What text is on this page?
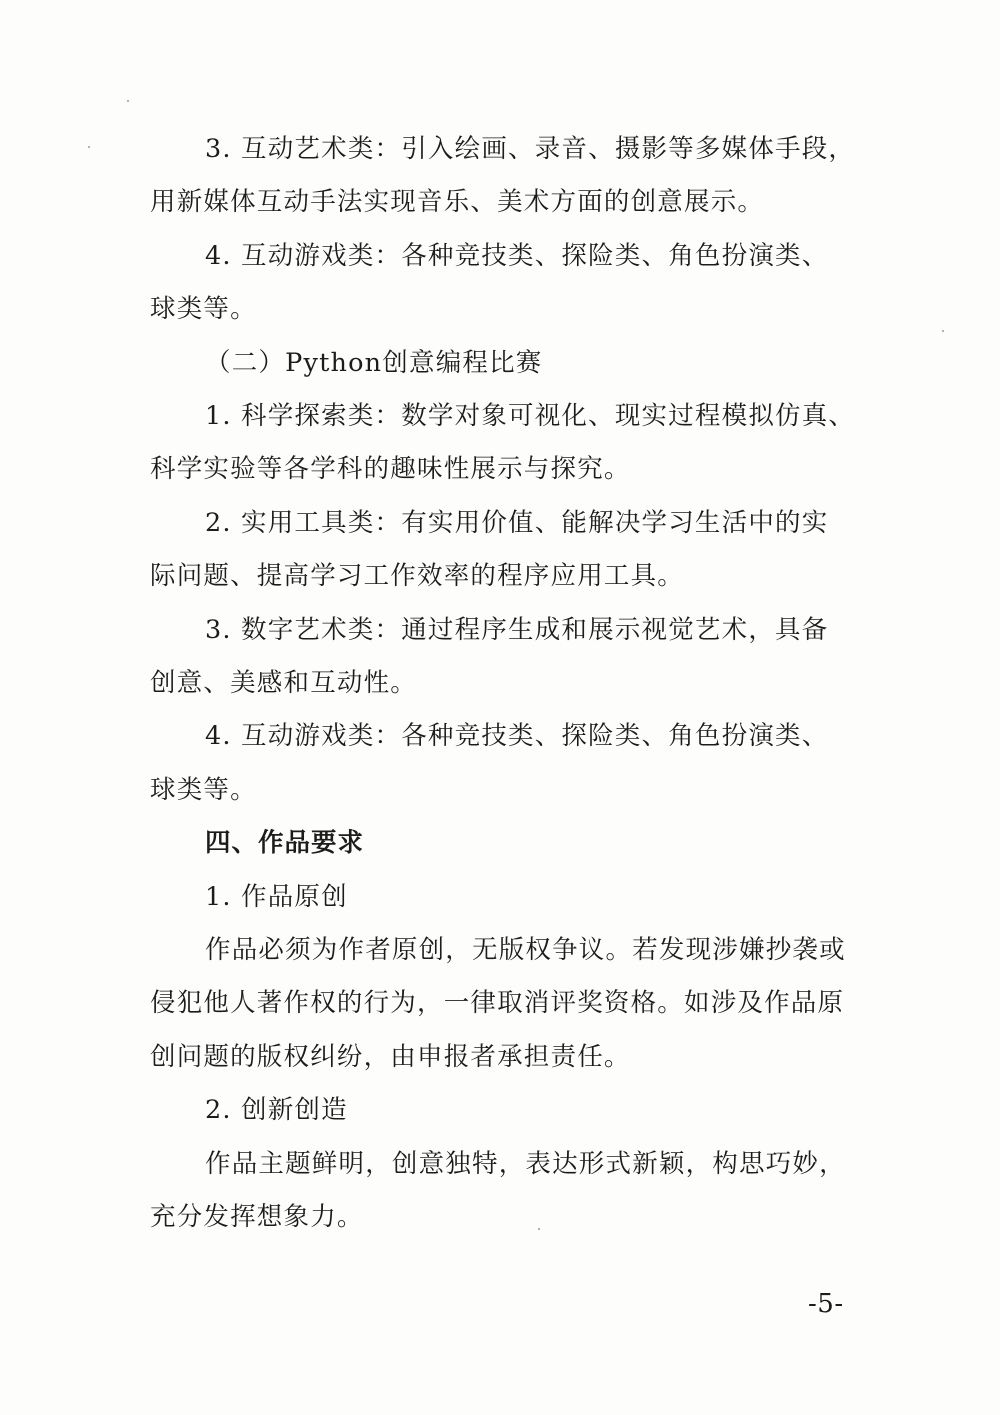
3. 互动艺术类：引入绘画、录音、摄影等多媒体手段，
用新媒体互动手法实现音乐、美术方面的创意展示。
4. 互动游戏类：各种竞技类、探险类、角色扮演类、
球类等。
（二）Python创意编程比赛
1. 科学探索类：数学对象可视化、现实过程模拟仿真、
科学实验等各学科的趣味性展示与探究。
2. 实用工具类：有实用价值、能解决学习生活中的实
际问题、提高学习工作效率的程序应用工具。
3. 数字艺术类：通过程序生成和展示视觉艺术，具备
创意、美感和互动性。
4. 互动游戏类：各种竞技类、探险类、角色扮演类、
球类等。
四、作品要求
1. 作品原创
作品必须为作者原创，无版权争议。若发现涉嫌抄袭或
侵犯他人著作权的行为，一律取消评奖资格。如涉及作品原
创问题的版权纠纷，由申报者承担责任。
2. 创新创造
作品主题鲜明，创意独特，表达形式新颖，构思巧妙，
充分发挥想象力。
-5-
